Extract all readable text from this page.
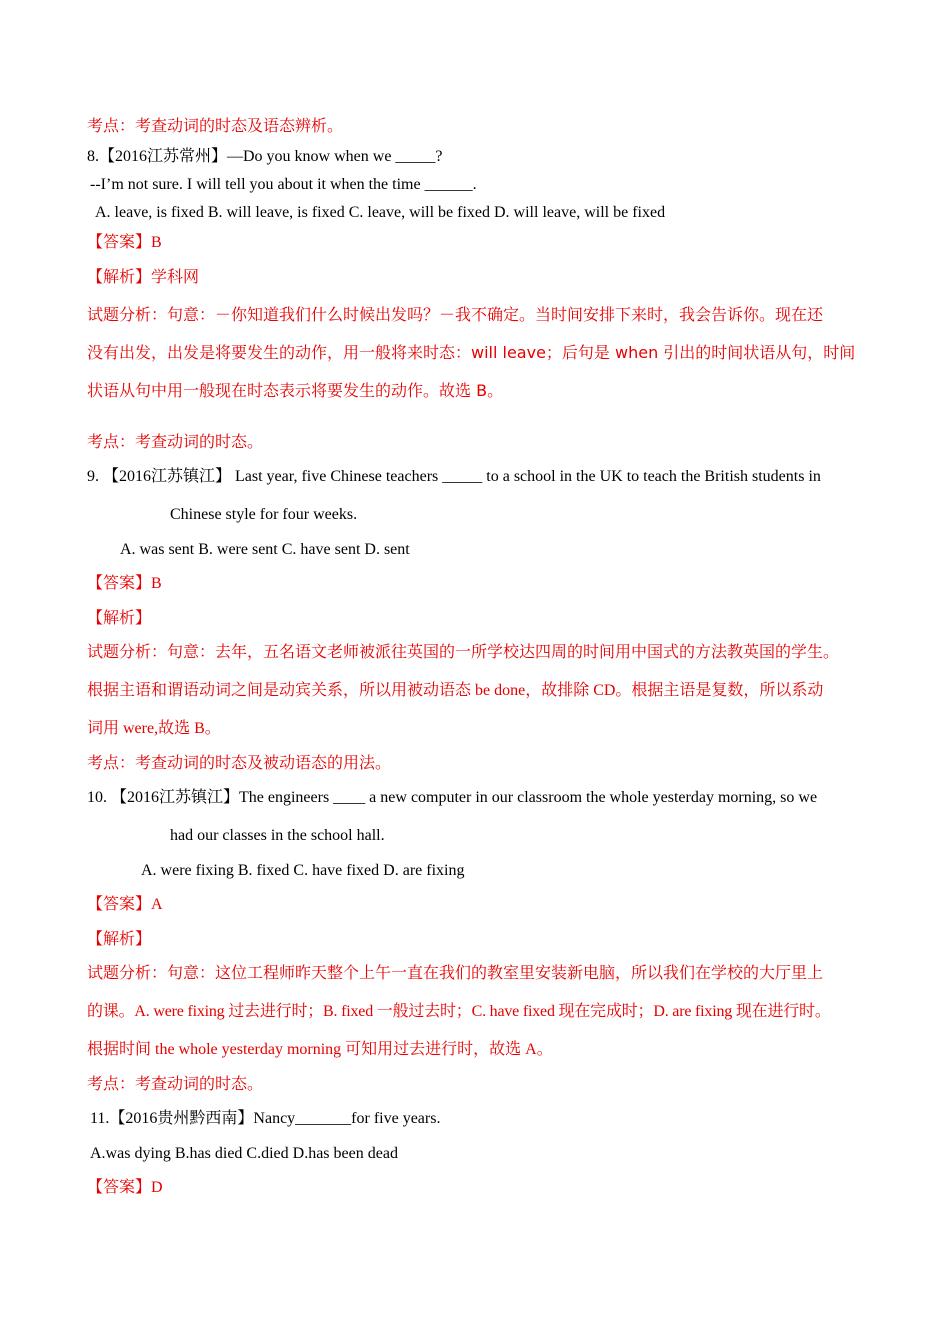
考点：考查动词的时态及语态辨析。
8.【2016江苏常州】—Do you know when we _____?
--I’m not sure. I will tell you about it when the time ______.
A. leave, is fixed B. will leave, is fixed C. leave, will be fixed D. will leave, will be fixed
【答案】B
【解析】学科网
试题分析：句意：－你知道我们什么时候出发吗？－我不确定。当时间安排下来时，我会告诉你。现在还
没有出发，出发是将要发生的动作，用一般将来时态：will leave；后句是 when 引出的时间状语从句，时间
状语从句中用一般现在时态表示将要发生的动作。故选 B。
考点：考查动词的时态。
9. 【2016江苏镇江】 Last year, five Chinese teachers _____ to a school in the UK to teach the British students in
Chinese style for four weeks.
A. was sent B. were sent C. have sent D. sent
【答案】B
【解析】
试题分析：句意：去年，五名语文老师被派往英国的一所学校达四周的时间用中国式的方法教英国的学生。
根据主语和谓语动词之间是动宾关系，所以用被动语态 be done，故排除 CD。根据主语是复数，所以系动
词用 were,故选 B。
考点：考查动词的时态及被动语态的用法。
10. 【2016江苏镇江】The engineers ____ a new computer in our classroom the whole yesterday morning, so we
had our classes in the school hall.
A. were fixing B. fixed C. have fixed D. are fixing
【答案】A
【解析】
试题分析：句意：这位工程师昨天整个上午一直在我们的教室里安装新电脑，所以我们在学校的大厅里上
的课。A. were fixing 过去进行时；B. fixed 一般过去时；C. have fixed 现在完成时；D. are fixing 现在进行时。
根据时间 the whole yesterday morning 可知用过去进行时，故选 A。
考点：考查动词的时态。
11.【2016贵州黔西南】Nancy_______for five years.
A.was dying B.has died C.died D.has been dead
【答案】D
